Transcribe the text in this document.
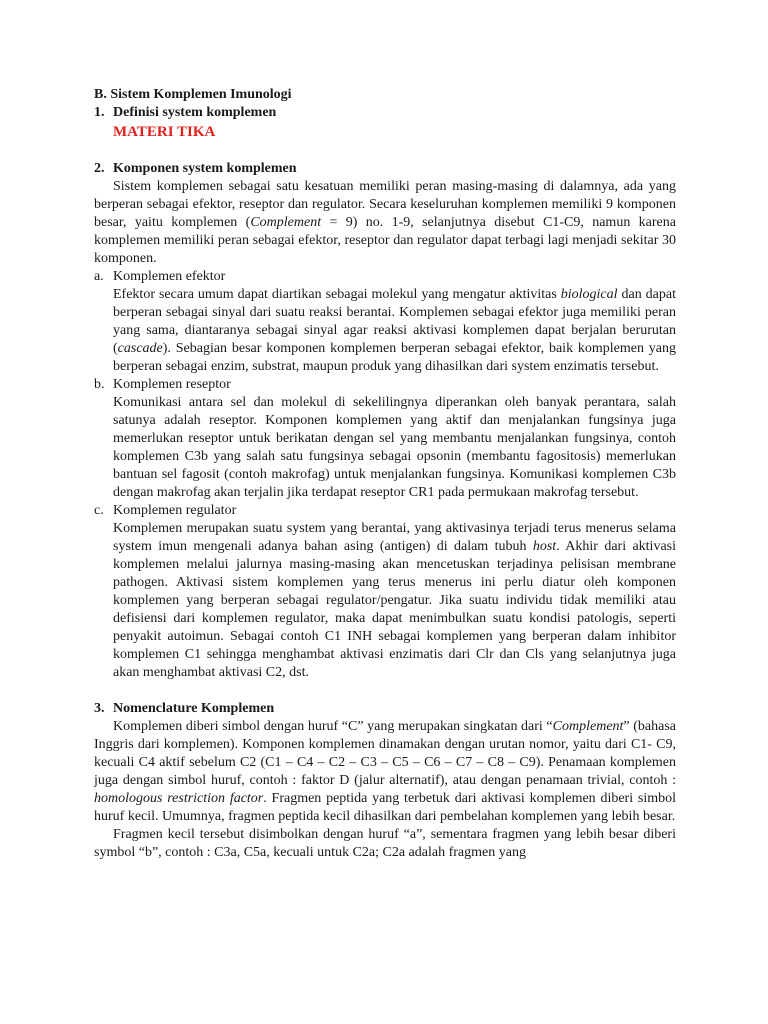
B. Sistem Komplemen Imunologi
1. Definisi system komplemen
MATERI TIKA
2. Komponen system komplemen

Sistem komplemen sebagai satu kesatuan memiliki peran masing-masing di dalamnya, ada yang berperan sebagai efektor, reseptor dan regulator. Secara keseluruhan komplemen memiliki 9 komponen besar, yaitu komplemen (Complement = 9) no. 1-9, selanjutnya disebut C1-C9, namun karena komplemen memiliki peran sebagai efektor, reseptor dan regulator dapat terbagi lagi menjadi sekitar 30 komponen.

a. Komplemen efektor

Efektor secara umum dapat diartikan sebagai molekul yang mengatur aktivitas biological dan dapat berperan sebagai sinyal dari suatu reaksi berantai. Komplemen sebagai efektor juga memiliki peran yang sama, diantaranya sebagai sinyal agar reaksi aktivasi komplemen dapat berjalan berurutan (cascade). Sebagian besar komponen komplemen berperan sebagai efektor, baik komplemen yang berperan sebagai enzim, substrat, maupun produk yang dihasilkan dari system enzimatis tersebut.

b. Komplemen reseptor

Komunikasi antara sel dan molekul di sekelilingnya diperankan oleh banyak perantara, salah satunya adalah reseptor. Komponen komplemen yang aktif dan menjalankan fungsinya juga memerlukan reseptor untuk berikatan dengan sel yang membantu menjalankan fungsinya, contoh komplemen C3b yang salah satu fungsinya sebagai opsonin (membantu fagositosis) memerlukan bantuan sel fagosit (contoh makrofag) untuk menjalankan fungsinya. Komunikasi komplemen C3b dengan makrofag akan terjalin jika terdapat reseptor CR1 pada permukaan makrofag tersebut.

c. Komplemen regulator

Komplemen merupakan suatu system yang berantai, yang aktivasinya terjadi terus menerus selama system imun mengenali adanya bahan asing (antigen) di dalam tubuh host. Akhir dari aktivasi komplemen melalui jalurnya masing-masing akan mencetuskan terjadinya pelisisan membrane pathogen. Aktivasi sistem komplemen yang terus menerus ini perlu diatur oleh komponen komplemen yang berperan sebagai regulator/pengatur. Jika suatu individu tidak memiliki atau defisiensi dari komplemen regulator, maka dapat menimbulkan suatu kondisi patologis, seperti penyakit autoimun. Sebagai contoh C1 INH sebagai komplemen yang berperan dalam inhibitor komplemen C1 sehingga menghambat aktivasi enzimatis dari Clr dan Cls yang selanjutnya juga akan menghambat aktivasi C2, dst.

3. Nomenclature Komplemen

Komplemen diberi simbol dengan huruf “C” yang merupakan singkatan dari “Complement” (bahasa Inggris dari komplemen). Komponen komplemen dinamakan dengan urutan nomor, yaitu dari C1- C9, kecuali C4 aktif sebelum C2 (C1 – C4 – C2 – C3 – C5 – C6 – C7 – C8 – C9). Penamaan komplemen juga dengan simbol huruf, contoh : faktor D (jalur alternatif), atau dengan penamaan trivial, contoh : homologous restriction factor. Fragmen peptida yang terbetuk dari aktivasi komplemen diberi simbol huruf kecil. Umumnya, fragmen peptida kecil dihasilkan dari pembelahan komplemen yang lebih besar.

Fragmen kecil tersebut disimbolkan dengan huruf “a”, sementara fragmen yang lebih besar diberi symbol “b”, contoh : C3a, C5a, kecuali untuk C2a; C2a adalah fragmen yang
